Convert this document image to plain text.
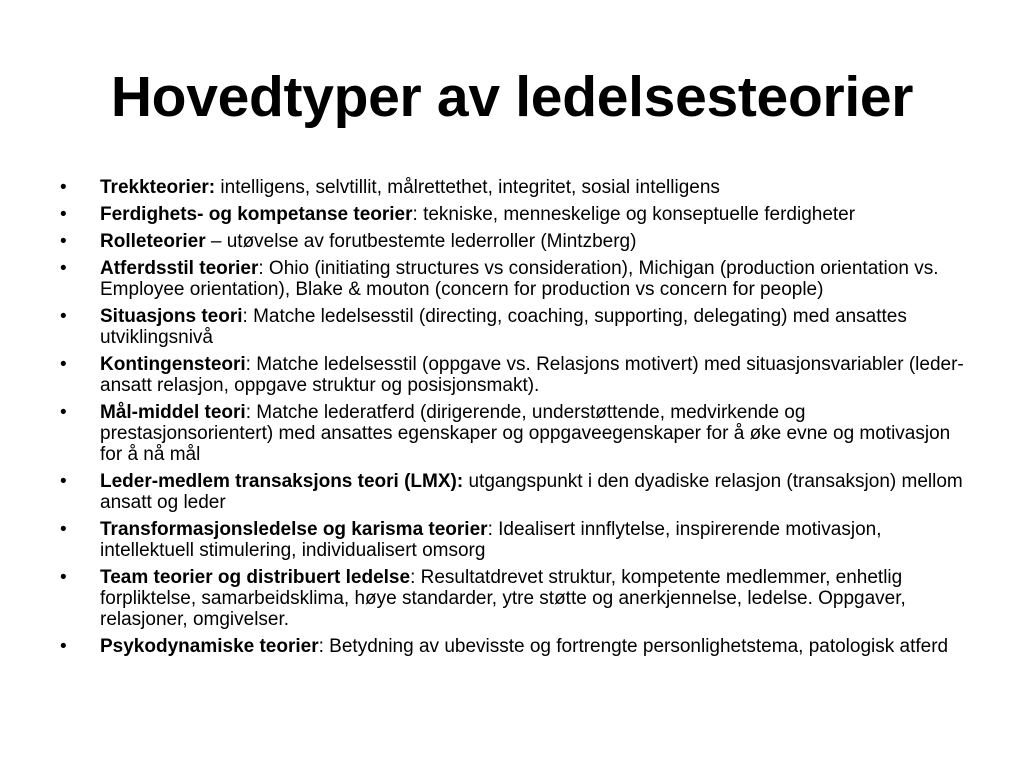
Hovedtyper av ledelsesteorier
•	Trekkteorier: intelligens, selvtillit, målrettethet, integritet, sosial intelligens
•	Ferdighets- og kompetanse teorier: tekniske, menneskelige og konseptuelle ferdigheter
•	Rolleteorier – utøvelse av forutbestemte lederroller (Mintzberg)
•	Atferdsstil teorier: Ohio (initiating structures vs consideration), Michigan (production orientation vs. Employee orientation), Blake & mouton (concern for production vs concern for people)
•	Situasjons teori: Matche ledelsesstil (directing, coaching, supporting, delegating) med ansattes utviklingsnivå
•	Kontingensteori: Matche ledelsesstil (oppgave vs. Relasjons motivert) med situasjonsvariabler (leder-ansatt relasjon, oppgave struktur og posisjonsmakt).
•	Mål-middel teori: Matche lederatferd (dirigerende, understøttende, medvirkende og prestasjonsorientert) med ansattes egenskaper og oppgaveegenskaper for å øke evne og motivasjon for å nå mål
•	Leder-medlem transaksjons teori (LMX): utgangspunkt i den dyadiske relasjon (transaksjon) mellom ansatt og leder
•	Transformasjonsledelse og karisma teorier: Idealisert innflytelse, inspirerende motivasjon, intellektuell stimulering, individualisert omsorg
•	Team teorier og distribuert ledelse: Resultatdrevet struktur, kompetente medlemmer, enhetlig forpliktelse, samarbeidsklima, høye standarder, ytre støtte og anerkjennelse, ledelse. Oppgaver, relasjoner, omgivelser.
•	Psykodynamiske teorier: Betydning av ubevisste og fortrengte personlighetstema, patologisk atferd
